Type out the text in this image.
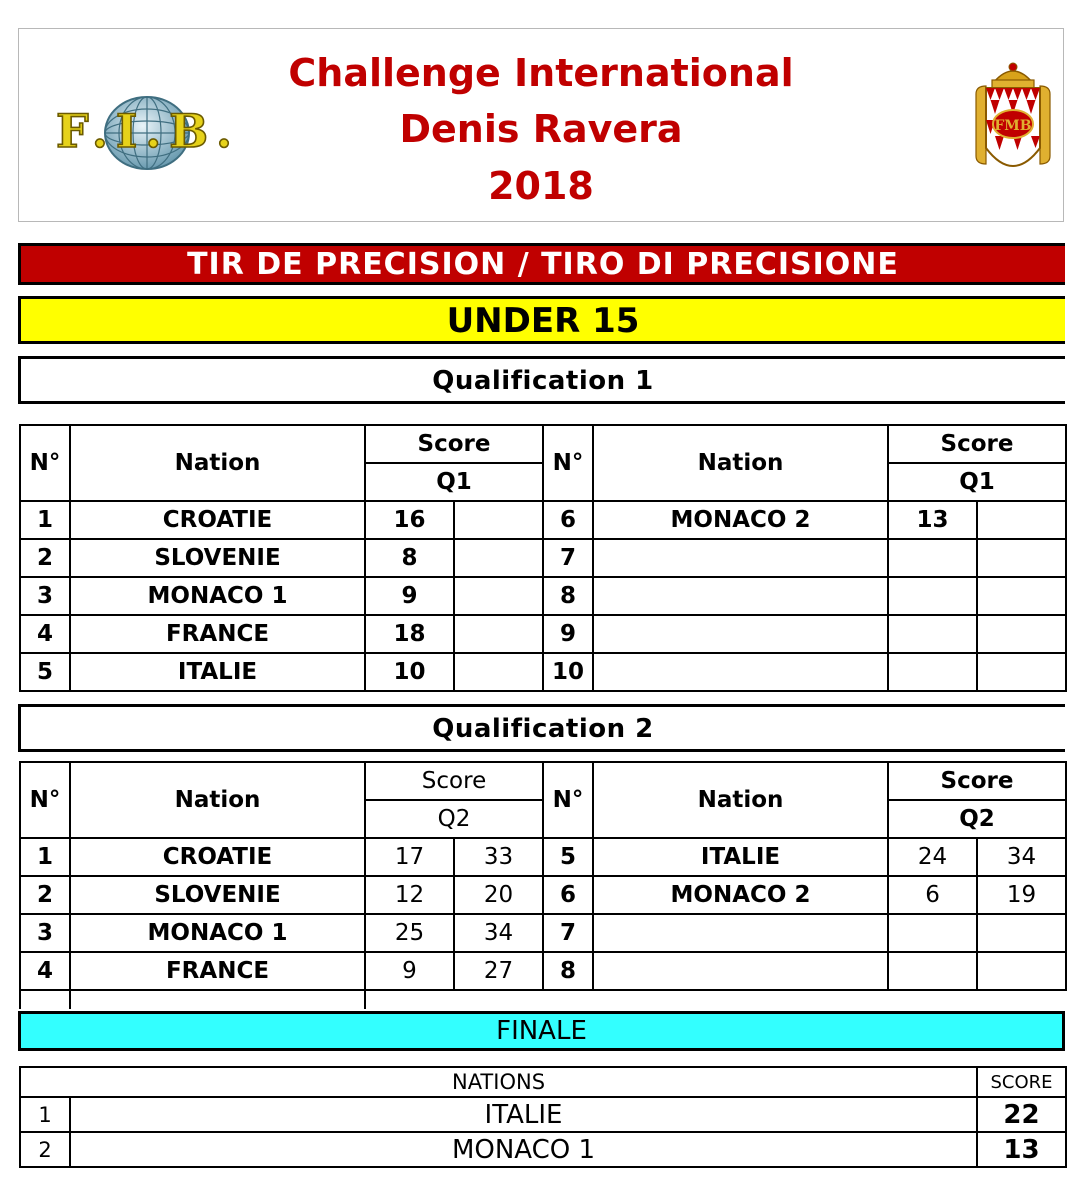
Challenge International
Denis Ravera
2018
F.I.B.	FMB
TIR DE PRECISION / TIRO DI PRECISIONE
UNDER 15
Qualification 1
N°	Nation	Score		N°	Nation	Score	
		Q1				Q1	
1	CROATIE	16		6	MONACO 2	13	
2	SLOVENIE	8		7			
3	MONACO 1	9		8			
4	FRANCE	18		9			
5	ITALIE	10		10			
Qualification 2
N°	Nation	Score		N°	Nation	Score	
		Q2				Q2	
1	CROATIE	17	33	5	ITALIE	24	34
2	SLOVENIE	12	20	6	MONACO 2	6	19
3	MONACO 1	25	34	7			
4	FRANCE	9	27	8			

FINALE
NATIONS		SCORE
1	ITALIE	22
2	MONACO 1	13
